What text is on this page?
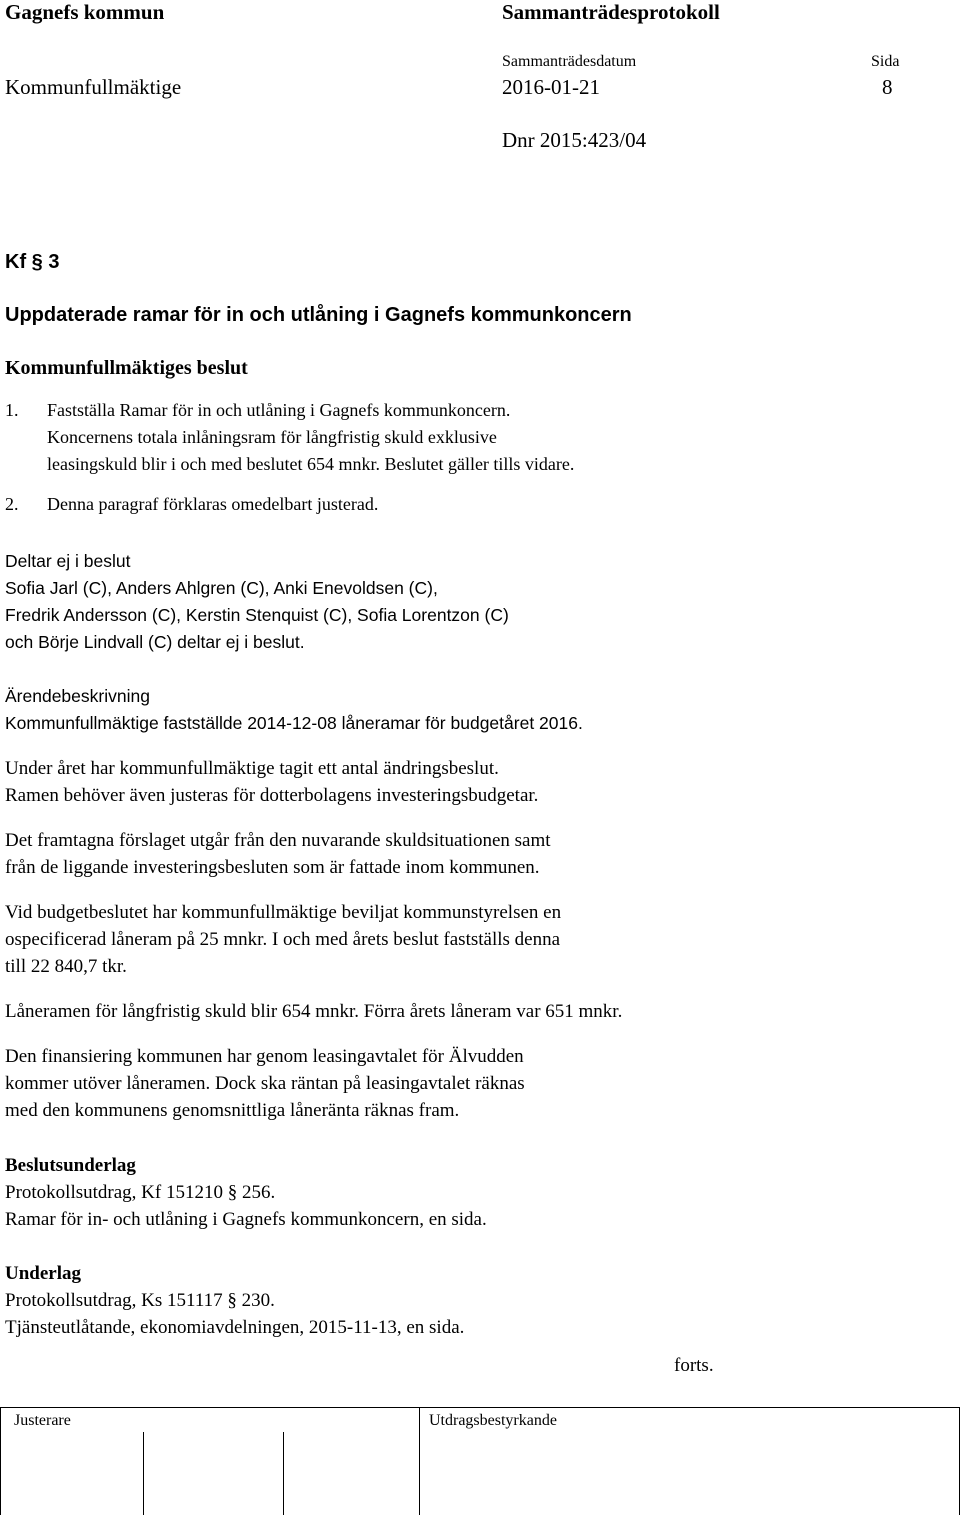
Gagnefs kommun	Sammanträdesprotokoll
Sammanträdesdatum	Sida
Kommunfullmäktige	2016-01-21	8
Dnr 2015:423/04
Kf § 3
Uppdaterade ramar för in och utlåning i Gagnefs kommunkoncern
Kommunfullmäktiges beslut
1. Fastställa Ramar för in och utlåning i Gagnefs kommunkoncern.
Koncernens totala inlåningsram för långfristig skuld exklusive
leasingskuld blir i och med beslutet 654 mnkr. Beslutet gäller tills vidare.
2. Denna paragraf förklaras omedelbart justerad.
Deltar ej i beslut
Sofia Jarl (C), Anders Ahlgren (C), Anki Enevoldsen (C),
Fredrik Andersson (C), Kerstin Stenquist (C), Sofia Lorentzon (C)
och Börje Lindvall (C) deltar ej i beslut.
Ärendebeskrivning
Kommunfullmäktige fastställde 2014-12-08 låneramar för budgetåret 2016.
Under året har kommunfullmäktige tagit ett antal ändringsbeslut.
Ramen behöver även justeras för dotterbolagens investeringsbudgetar.
Det framtagna förslaget utgår från den nuvarande skuldsituationen samt
från de liggande investeringsbesluten som är fattade inom kommunen.
Vid budgetbeslutet har kommunfullmäktige beviljat kommunstyrelsen en
ospecificerad låneram på 25 mnkr. I och med årets beslut fastställs denna
till 22 840,7 tkr.
Låneramen för långfristig skuld blir 654 mnkr. Förra årets låneram var 651 mnkr.
Den finansiering kommunen har genom leasingavtalet för Älvudden
kommer utöver låneramen. Dock ska räntan på leasingavtalet räknas
med den kommunens genomsnittliga låneränta räknas fram.
Beslutsunderlag
Protokollsutdrag, Kf 151210 § 256.
Ramar för in- och utlåning i Gagnefs kommunkoncern, en sida.
Underlag
Protokollsutdrag, Ks 151117 § 230.
Tjänsteutlåtande, ekonomiavdelningen, 2015-11-13, en sida.
forts.
Justerare	Utdragsbestyrkande
